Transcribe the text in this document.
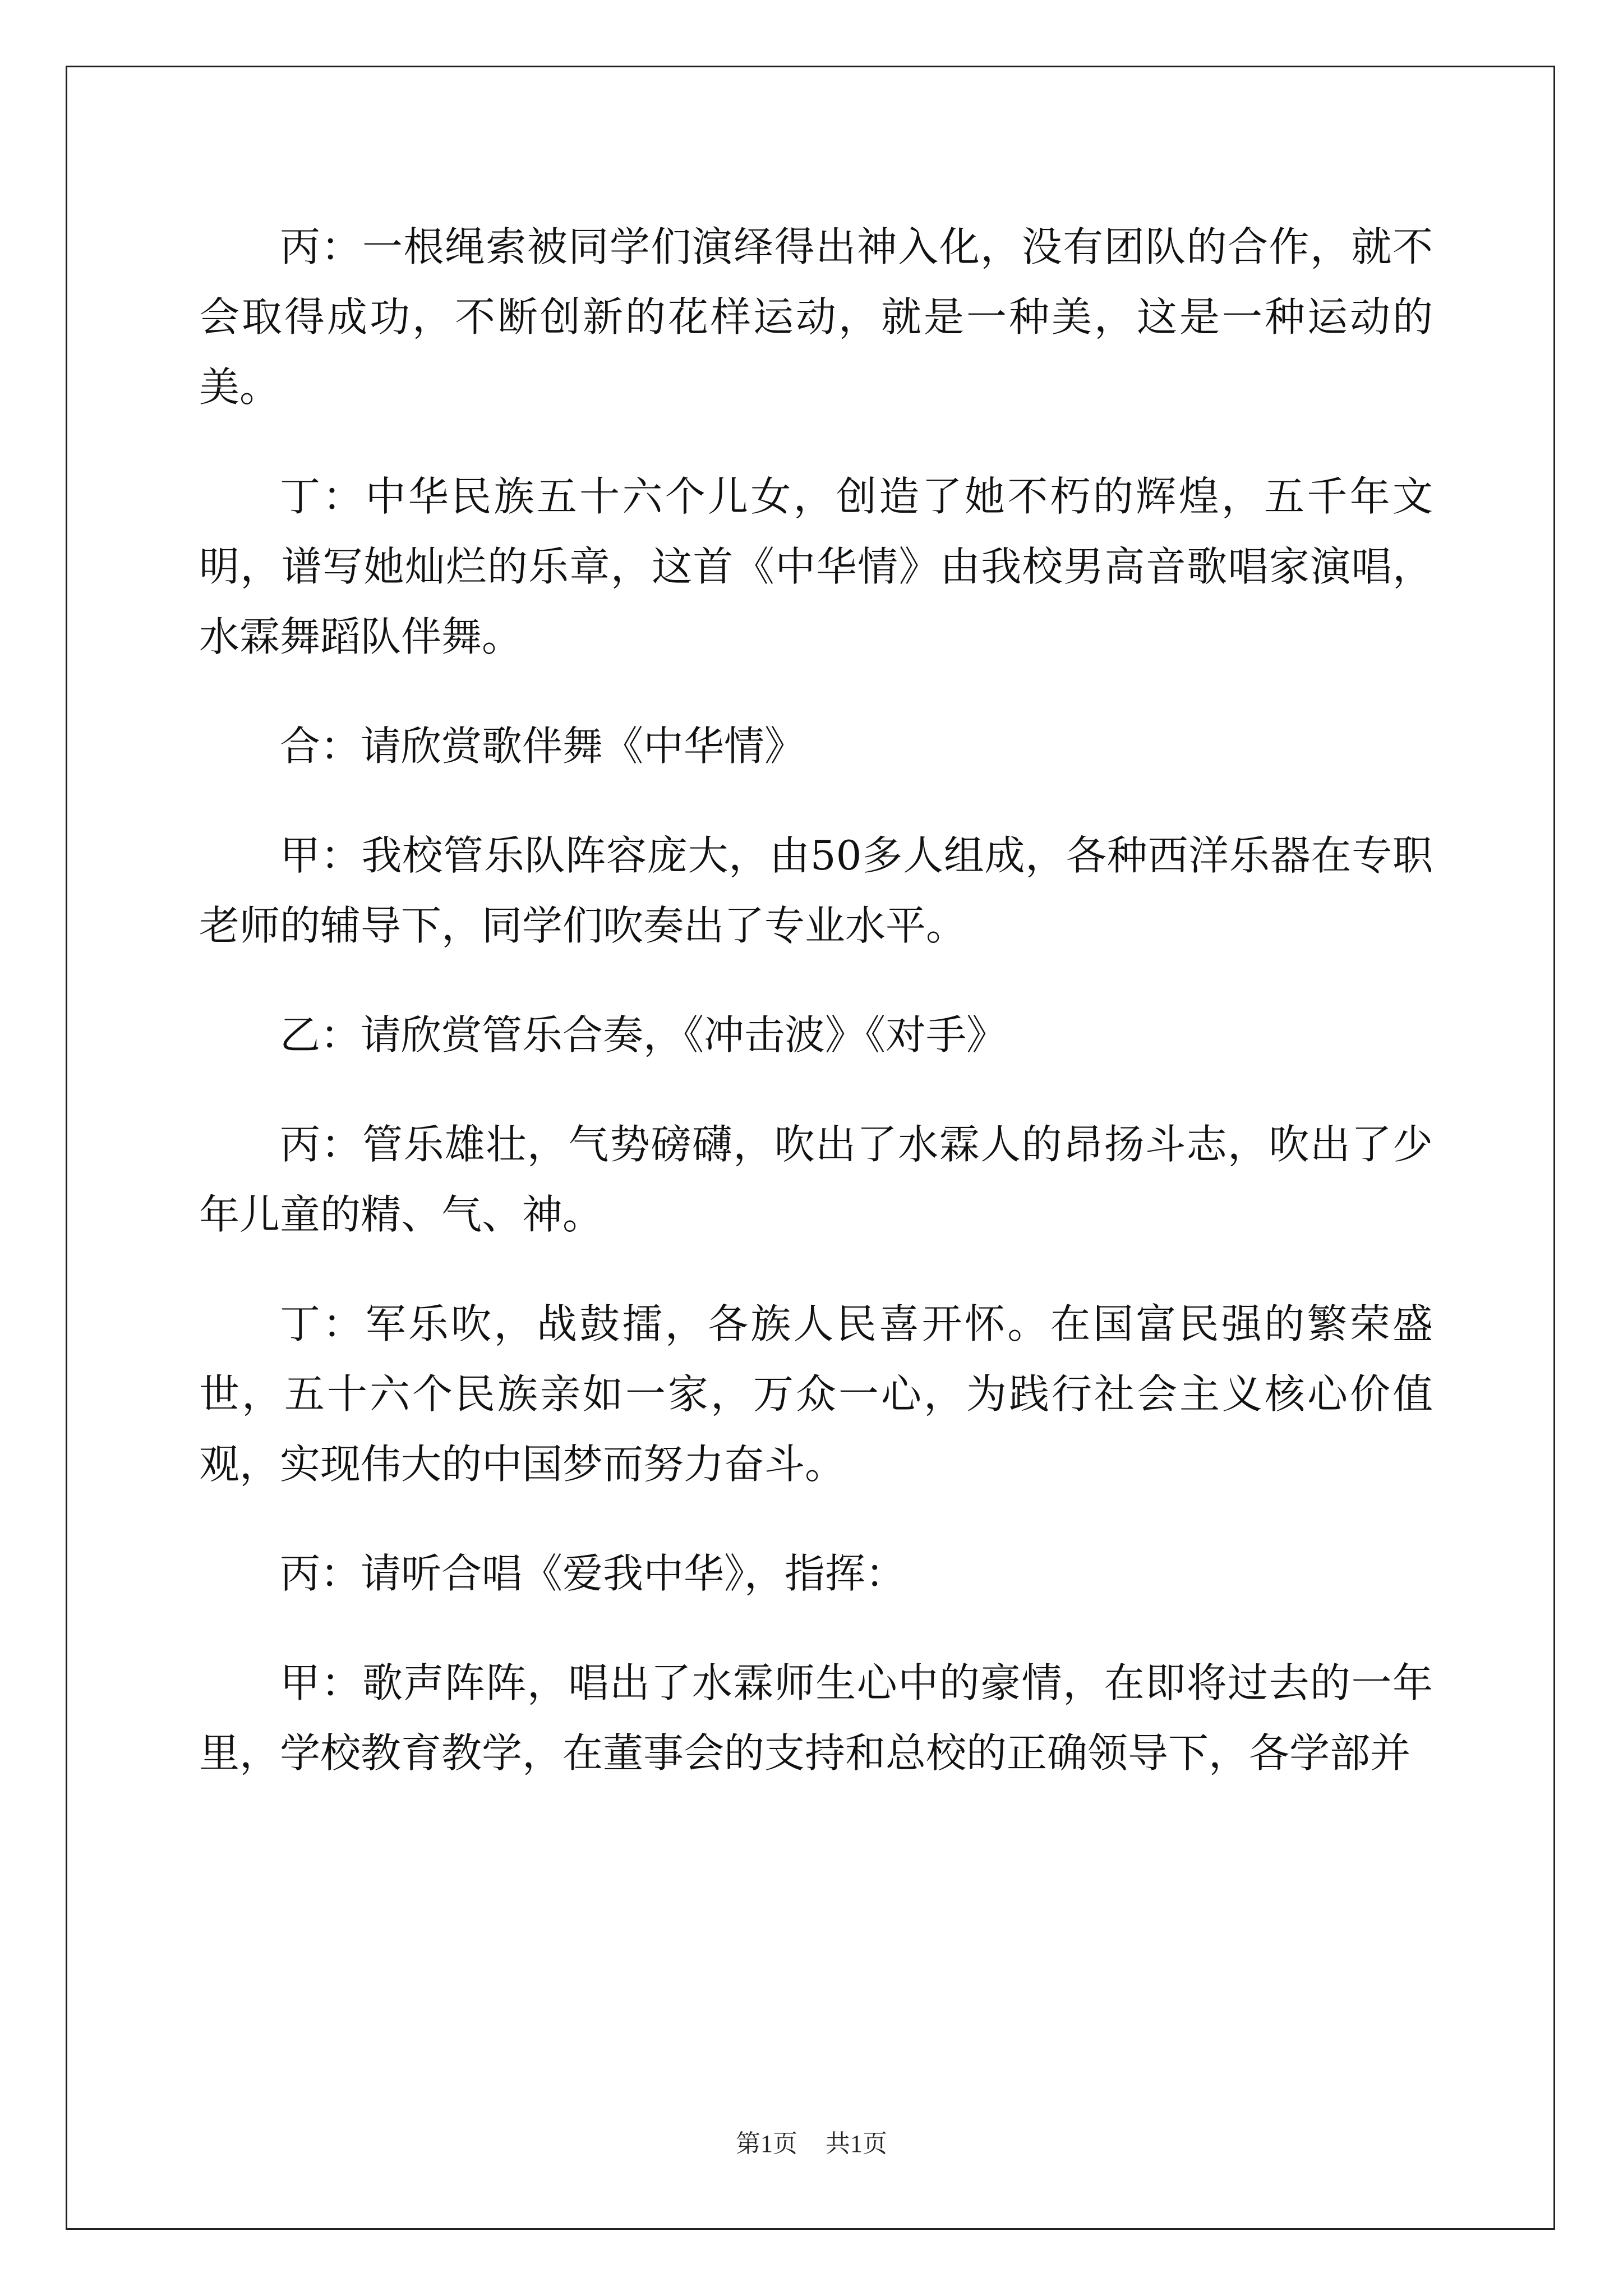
丙：一根绳索被同学们演绎得出神入化，没有团队的合作，就不会取得成功，不断创新的花样运动，就是一种美，这是一种运动的美。

丁：中华民族五十六个儿女，创造了她不朽的辉煌，五千年文明，谱写她灿烂的乐章，这首《中华情》由我校男高音歌唱家演唱，水霖舞蹈队伴舞。

合：请欣赏歌伴舞《中华情》

甲：我校管乐队阵容庞大，由50多人组成，各种西洋乐器在专职老师的辅导下，同学们吹奏出了专业水平。

乙：请欣赏管乐合奏，《冲击波》《对手》

丙：管乐雄壮，气势磅礴，吹出了水霖人的昂扬斗志，吹出了少年儿童的精、气、神。

丁：军乐吹，战鼓擂，各族人民喜开怀。在国富民强的繁荣盛世，五十六个民族亲如一家，万众一心，为践行社会主义核心价值观，实现伟大的中国梦而努力奋斗。

丙：请听合唱《爱我中华》，指挥：

甲：歌声阵阵，唱出了水霖师生心中的豪情，在即将过去的一年里，学校教育教学，在董事会的支持和总校的正确领导下，各学部并

第1页 共1页
